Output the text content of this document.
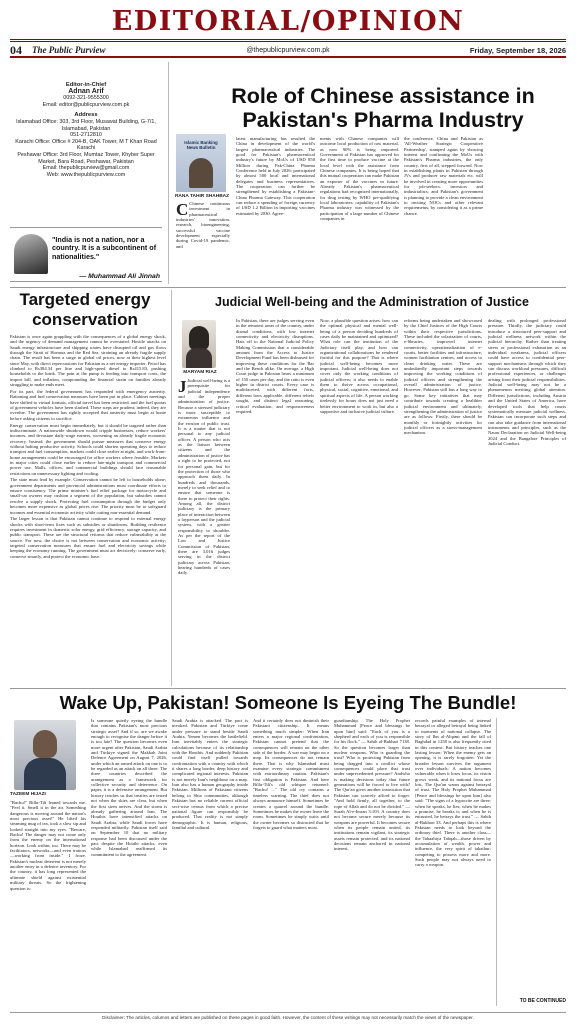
EDITORIAL/OPINION
04 The Public Purview	@thepublicpurview.com.pk	Friday, September 18, 2026
Editor-in-Chief
Adnan Arif
0092-321-9555300
Email: editor@publicpurview.com.pk
Address
Islamabad Office: 303, 3rd Floor, Musawat Building, G-7/1, Islamabad, Pakistan
051-2712810
Karachi Office: Office # 204-B, OAK Tower, M T Khan Road Karachi
Peshawar Office: 3rd Floor, Mumtaz Tower, Khyber Super Market, Bara Road, Peshawar, Pakistan
Email: thepublicpurview@gmail.com
Web: www.thepublicpurview.com
"India is not a nation, nor a country. It is a subcontinent of nationalities."
— Muhammad Ali Jinnah
Role of Chinese assistance in Pakistan's Pharma Industry
Islamic Banking News Bulletin
RANA TAHIR SHAHBAZ
C Chinese continuous investment in pharmaceutical industries' innovation, research, bioengineering, successful vaccine development especially during Covid-19 pandemic, and
latest manufacturing has resulted the China in development of the world's largest pharmaceutical industries. The good for Pakistan's pharmaceutical industry's future by MoUs of USD 850 Million during Pak-China Pharma Conference held in July 2026; participated by almost 500 local and international delegates and business representatives. The cooperation can further be strengthened by establishing a Pakistan-China Pharma Gateway. This cooperation can reduce a spending of foreign currency of USD 1.2 Billion in importing vaccines estimated by 2030. Agree-
ments with Chinese companies will outcome local production of raw material, as now 90% is being imported. Government of Pakistan has approved for the first time to produce vaccine at the local level with the assistance from Chinese companies. It is being hoped that this mutual cooperation can make Pakistan an exporter of the vaccines in future. Already Pakistan's pharmaceutical regulations had recognized internationally, for drug testing by WHO pre-qualifying local laboratories; capability of Pakistan's Pharma industry was witnessed by the participation of a large number of Chinese companies in
the conference. China and Pakistan as 'All-Weather Strategic Cooperative Partnership', stamped again by showing interest and confirming the MoUs with Pakistan's Pharma industries, the only country, first of all, stepped forward. Now in establishing plants in Pakistan through JVs and producer raw materials etc. will be involved in creating more opportunities for job-seekers, investors and industrialists; and Pakistan's government is planning to provide a clean environment to inviting NOCs and other relevant requirements; by considering it as a prime chance.
Targeted energy conservation

Pakistan is once again grappling with the consequences of a global energy shock, and the urgency of demand management cannot be overstated. Hostile attacks on Saudi energy infrastructure and shipping routes have disrupted oil and gas flows through the Strait of Hormuz and the Red Sea, straining an already fragile supply chain. The result has been a surge in global oil prices, now at their highest level since May, with direct repercussions for Pakistan as a net energy importer. Petrol has climbed to Rs384.34 per litre and high-speed diesel to Rs415.83, pushing households to the brink. The pain at the pump is feeding into transport costs, the import bill, and inflation, compounding the financial strain on families already struggling to make ends meet.

For its part, the federal government has responded with emergency austerity. Rationing and fuel conservation measures have been put in place. Cabinet meetings have shifted to virtual formats, official travel has been restricted, and the fuel quotas of government vehicles have been slashed. These steps are prudent; indeed, they are overdue. The government has rightly accepted that austerity must begin at home before asking citizens to sacrifice.

Energy conservation must begin immediately, but it should be targeted rather than indiscriminate. A nationwide shutdown would cripple businesses, reduce workers' incomes, and devastate daily-wage earners, worsening an already fragile economic recovery. Instead, the government should pursue measures that conserve energy without halting productive activity. Schools could shorten operating days to reduce transport and fuel consumption, markets could close earlier at night, and work-from-home arrangements could be encouraged for office workers where feasible. Markets in major cities could close earlier to reduce late-night transport and commercial power use. Malls, offices, and commercial buildings should face reasonable restrictions on unnecessary lighting and cooling.

The state must lead by example. Conservation cannot be left to households alone; government departments and provincial administrations must coordinate efforts to ensure consistency. The prime minister's fuel relief package for motorcycle and small-car owners may cushion a segment of the population, but subsidies cannot resolve a supply shock. Protecting fuel consumption through the budget only becomes more expensive as global prices rise. The priority must be to safeguard incomes and essential economic activity while cutting non-essential demand.

The larger lesson is that Pakistan cannot continue to respond to external energy shocks with short-term fixes such as subsidies or shutdowns. Building resilience requires investment in domestic solar energy, grid efficiency, storage capacity, and public transport. These are the structural reforms that reduce vulnerability at the source. For now, the choice is not between conservation and economic activity; targeted conservation measures that ensure fuel and electricity savings while keeping the economy running. The government must act decisively: conserve early, conserve smartly, and protect the economic base.

Judicial Well-being and the Administration of Justice
MARYAM RIAZ
J Judicial well-being is a prerequisite for judicial independence and the proper administration of justice. Because a stressed judiciary is more susceptible to extraneous influence and the erosion of public trust. It is a matter that is not personal to any judicial officer. A person who acts as the liaison between citizens and the administration of justice has a right to be protected, not for personal gain, but for the protection of those who approach them daily. In hundreds and thousands, merely to seek relief and to ensure that someone is there to protect their rights. Among all, the district judiciary is the primary place of interaction between a layperson and the judicial system, with a greater responsibility to shoulder. As per the report of the Law and Justice Commission of Pakistan, there are 3,016 judges serving in the district judiciary across Pakistan, hearing hundreds of cases daily.
In Pakistan, there are judges serving even in the remotest areas of the country, under dismal conditions, with low internet connectivity and electricity disruptions. Hats off to the National Judicial Policy Making Commission that a considerable amount from the Access to Justice Development Fund has been disbursed for improving these conditions for the Bar and the Bench alike. On average, a High Court judge in Pakistan hears a minimum of 150 cases per day, and the ratio is even higher in district courts. Every case is multifaceted, with different facts, different laws applicable, different reliefs sought, and distinct legal reasoning, critical evaluation, and responsiveness required.
Now, a plausible question arises: how can the optimal physical and mental well-being of a person deciding hundreds of cases daily be maintained and optimized? What role can the institution of the Judiciary itself play, and how can organizational collaborations be rendered fruitful for this purpose? That is where judicial well-being becomes more important. Judicial well-being does not cover only the working conditions of judicial officers; it also needs to enable them to thrive across occupational, physical, social, cognitive, emotional, and spiritual aspects of life. A person working tirelessly for hours does not just need a better environment to work in, but also a supportive and inclusive judicial culture.
reforms being undertaken and showcased by the Chief Justices of the High Courts within their respective jurisdictions. These included the solarization of courts, e-libraries, improved internet connectivity, operationalization of e-courts, better facilities and infrastructure, women facilitation centres, and access to clean drinking water. These are undoubtedly important steps towards improving the working conditions of judicial officers and strengthening the overall administration of justice. However, Pakistan still has a long way to go. Some key initiatives that may contribute towards creating a healthier judicial environment and ultimately, strengthening the administration of justice are as follows: Firstly, there should be monthly or fortnightly activities for judicial officers as a stress-management mechanism.
dealing with prolonged professional pressure. Thirdly, the judiciary could introduce a structured peer-support and judicial wellness network within the judicial hierarchy. Rather than treating stress or professional exhaustion as an individual weakness, judicial officers could have access to confidential peer-support mechanisms through which they can discuss workload pressures, difficult professional experiences, or challenges arising from their judicial responsibilities. Judicial well-being may not be a phenomenon meriting global attention. Different jurisdictions, including Austria and the United States of America, have developed tools that help courts systematically measure judicial wellness. Pakistan can incorporate such steps and can also take guidance from international instruments and principles, such as the Nauru Declaration on Judicial Well-being 2024 and the Bangalore Principles of Judicial Conduct.
Wake Up, Pakistan! Someone Is Eyeing The Bundle!
TAZEEM HIJAZI
"Bachu!" Billu-Tili leaned towards me. "Feel it. Smell it in the air. Something dangerous is moving around the nation's most precious asset!" He lifted his steaming mug of tea, took a slow sip and looked straight into my eyes. "Beware, Bachu! The danger may not come only from the enemy on the international horizon. Look within, too. There may be facilitators, networks—and even traitors—working from inside." I froze. Pakistan's nuclear deterrent is not merely another entry in a defence inventory. For the country, it has long represented the ultimate shield against existential military threats. So the frightening question is:
Is someone quietly eyeing the bundle that contains Pakistan's most precious strategic asset? And if so, are we awake enough to recognise the danger before it is too late? The question becomes even more urgent after Pakistan, Saudi Arabia and Türkiye signed the Makkah Joint Defence Agreement on August 7, 2026, under which an armed attack on one is to be regarded as an attack on all three. The three countries described the arrangement as a framework for collective security and deterrence. On paper, it is a defensive arrangement. But history teaches us that treaties are tested not when the skies are clear, but when the first siren arrives. And the storm is already gathering around Iran. The Houthis have intensified attacks on Saudi Arabia, while Saudi forces have responded militarily. Pakistan itself said on September 10 that no military response had been discussed under the pact despite the Houthi attacks, even while Islamabad reaffirmed its commitment to the agreement.
Saudi Arabia is attacked. The pact is invoked. Pakistan and Türkiye come under pressure to stand beside Saudi Arabia. Yemen becomes the battlefield. Iran inevitably enters the strategic calculations because of its relationship with the Houthis. And suddenly Pakistan could find itself pulled towards confrontation with a country with which it shares a long border, deep history and complicated regional interests. Pakistan is not merely Iran's neighbour on a map. Iran also has a human geography inside Pakistan. Millions of Pakistani citizens belong to Shia communities, although Pakistan has no reliable current official sect-wise census from which a precise national figure can responsibly be produced. That reality is not simply demographic. It is human, religious, familial and cultural.
And it certainly does not diminish their Pakistani citizenship. It means something much simpler: When Iran enters a major regional confrontation, Pakistan cannot pretend that the consequences will remain on the other side of the border. A war may begin on a map. Its consequences do not remain there. That is why Islamabad must examine every strategic commitment with extraordinary caution. Pakistan's first obligation is Pakistan. And here Billu-Tili's old whisper returned: "Bachu! ..." The old cry contains a timeless warning. The thief does not always announce himself. Sometimes he creates a quarrel around the bundle. Sometimes he makes the owner leave the room. Sometimes he simply waits until the owner becomes so distracted that he forgets to guard what matters most.
guardianship. The Holy Prophet Muhammad [Peace and blessings be upon him] said: "Each of you is a shepherd and each of you is responsible for his flock." — Sahih al-Bukhari 7138. So the question becomes larger than nuclear weapons. Who is guarding the trust? Who is protecting Pakistan from being dragged into a conflict whose consequences could place that trust under unprecedented pressure? Andwho is making decisions today that future generations will be forced to live with? The Qur'an gives another instruction that Pakistan can scarcely afford to forget: "And hold firmly, all together, to the rope of Allah and do not be divided." — Surah Al-e-Imran 3:103. A country does not become secure merely because its weapons are powerful. It becomes secure when its people remain united, its institutions remain vigilant, its strategic assets remain protected, and its national decisions remain anchored in national interest.
records painful examples of internal betrayal or alleged betrayal being linked to moments of national collapse. The story of Ibn al-Alqami and the fall of Baghdad in 1258 is also frequently cited in this context. But history teaches one lasting lesson: When the enemy gets an opening, it is rarely forgotten. Yet the broader lesson survives the argument over individuals: A nation becomes vulnerable when it loses focus, its vision grows weak, and its national focus are lost. The Qur'an warns against betrayal of trust. The Holy Prophet Muhammad [Peace and blessings be upon him] also said: "The signs of a hypocrite are three: when he speaks, he lies; when he makes a promise, he breaks it; and when he is entrusted, he betrays the trust." — Sahih al-Bukhari 33. And perhaps this is where Pakistan needs to look beyond the ordinary thief. There is another class—the Tabaahiya Tabqah—those driven by accumulation of wealth, power and influence, the very spirit of takathur: competing to possess more and more. Such people may not always need to carry a weapon.
TO BE CONTINUED
Disclaimer: The articles, columns and letters are published on these pages in good faith. However, the content of these writings may not necessarily match the views of the newspaper.
